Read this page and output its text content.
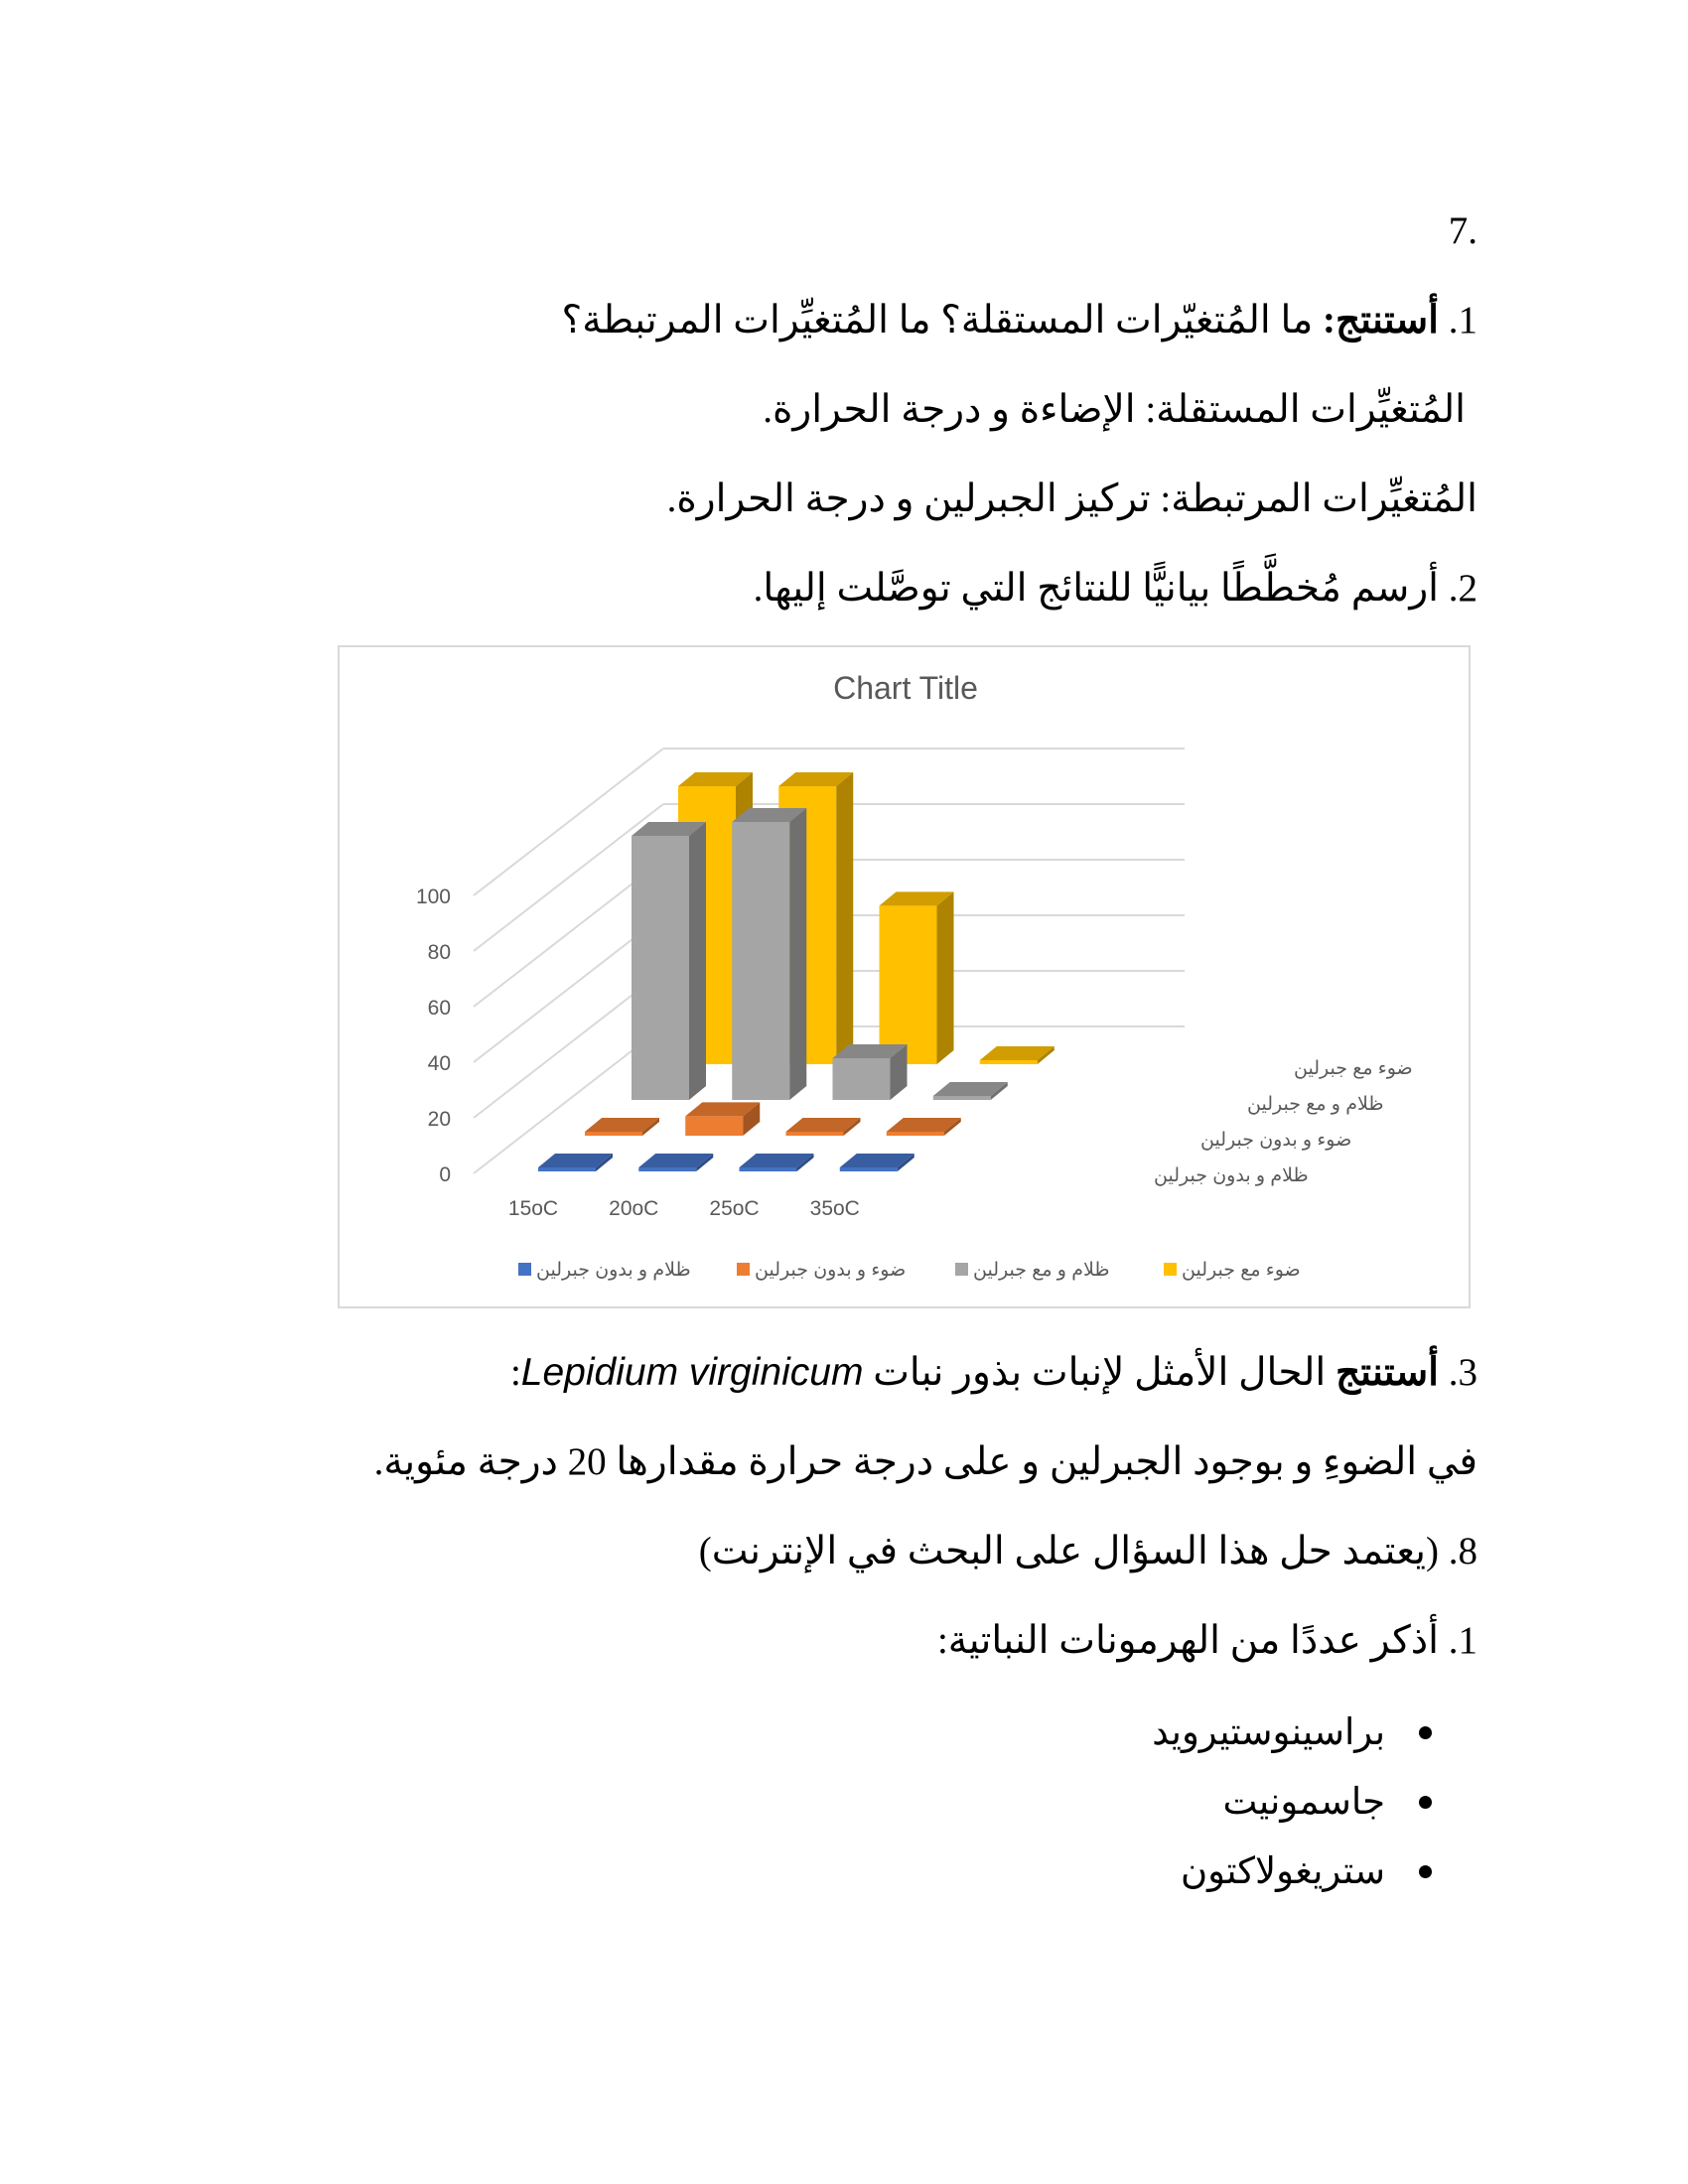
.7
1. أستنتج: ما المُتغيّرات المستقلة؟ ما المُتغيِّرات المرتبطة؟
المُتغيِّرات المستقلة: الإضاءة و درجة الحرارة.
المُتغيِّرات المرتبطة: تركيز الجبرلين و درجة الحرارة.
2. أرسم مُخطَّطًا بيانيًّا للنتائج التي توصَّلت إليها.
Chart Title
0
20
40
60
80
100
15oC 20oC 25oC 35oC
ضوء مع جبرلين
ظلام و مع جبرلين
ضوء و بدون جبرلين
ظلام و بدون جبرلين
ظلام و بدون جبرلين	ضوء و بدون جبرلين	ظلام و مع جبرلين	ضوء مع جبرلين
3. أستنتج الحال الأمثل لإنبات بذور نبات Lepidium virginicum:
في الضوءِ و بوجود الجبرلين و على درجة حرارة مقدارها 20 درجة مئوية.
8. (يعتمد حل هذا السؤال على البحث في الإنترنت)
1. أذكر عددًا من الهرمونات النباتية:
براسينوستيرويد
جاسمونيت
ستريغولاكتون
